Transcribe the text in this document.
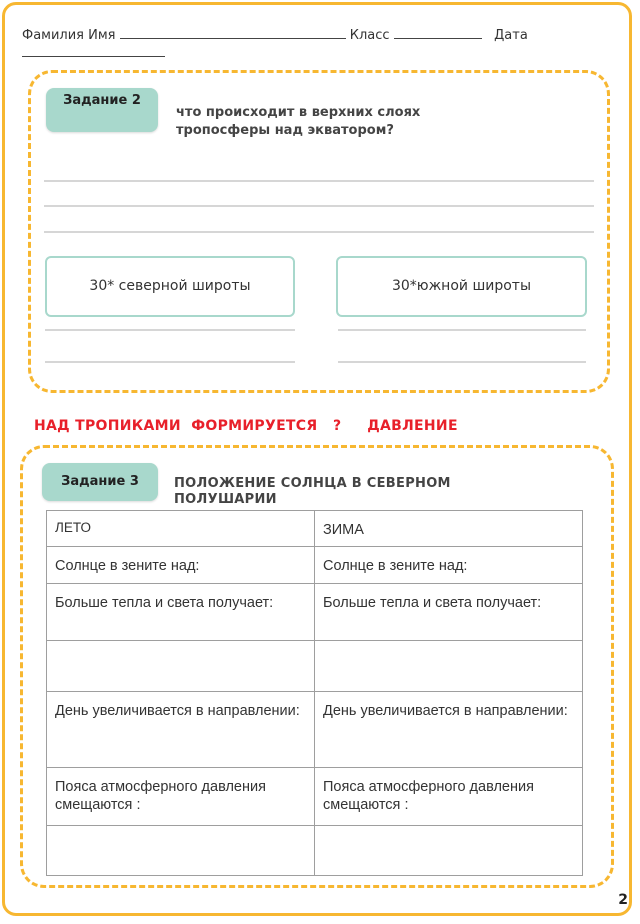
Фамилия Имя	Класс	Дата
Задание 2
что происходит в верхних слоях тропосферы над экватором?
30* северной широты	30*южной широты
НАД ТРОПИКАМИ  ФОРМИРУЕТСЯ   ?     ДАВЛЕНИЕ
Задание 3	ПОЛОЖЕНИЕ СОЛНЦА В СЕВЕРНОМ ПОЛУШАРИИ
ЛЕТО	ЗИМА
Солнце в зените над:	Солнце в зените над:
Больше тепла и света получает:	Больше тепла и света получает:

День увеличивается в направлении:	День увеличивается в направлении:
Пояса атмосферного давления смещаются :	Пояса атмосферного давления смещаются :

2
